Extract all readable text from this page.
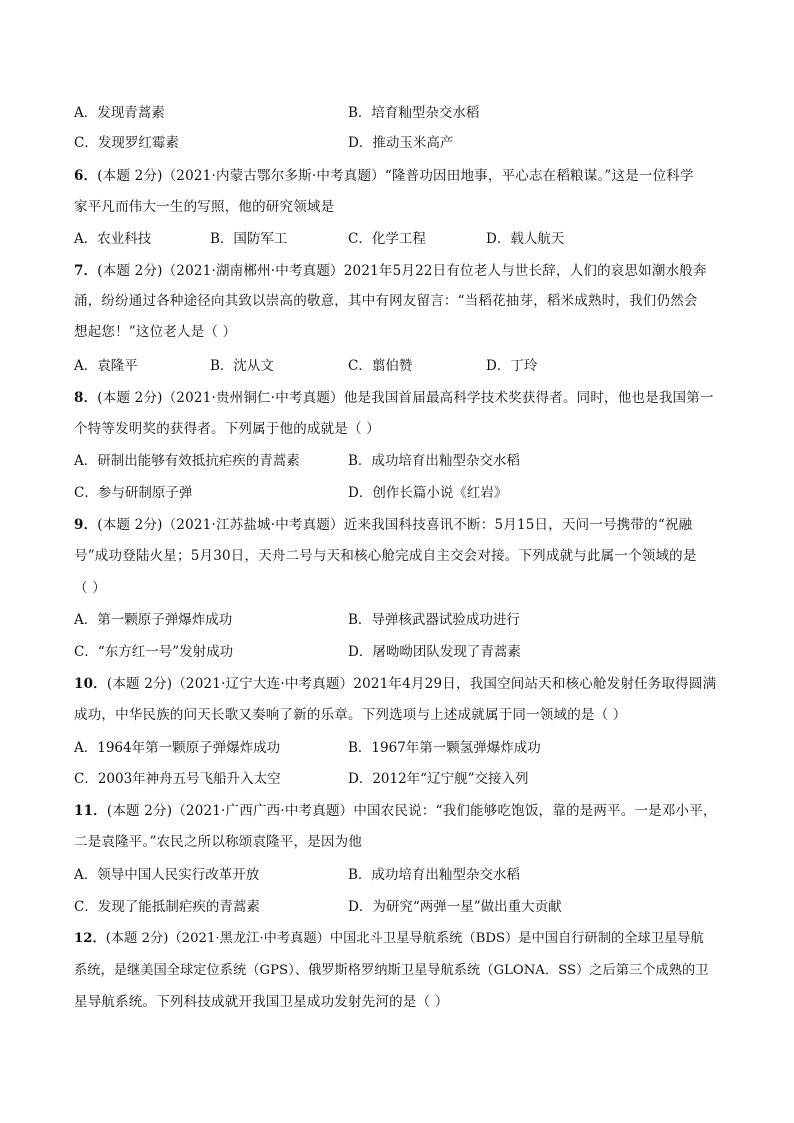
A．发现青蒿素	B．培育籼型杂交水稻
C．发现罗红霉素	D．推动玉米高产
6．(本题 2分)（2021·内蒙古鄂尔多斯·中考真题）“隆普功因田地事，平心志在稻粮谋。”这是一位科学
家平凡而伟大一生的写照，他的研究领域是
A．农业科技	B．国防军工	C．化学工程	D．载人航天
7．(本题 2分)（2021·湖南郴州·中考真题）2021年5月22日有位老人与世长辞，人们的哀思如潮水般奔
涌，纷纷通过各种途径向其致以崇高的敬意，其中有网友留言：“当稻花抽芽，稻米成熟时，我们仍然会
想起您！”这位老人是（ ）
A．袁隆平	B．沈从文	C．翦伯赞	D．丁玲
8．(本题 2分)（2021·贵州铜仁·中考真题）他是我国首届最高科学技术奖获得者。同时，他也是我国第一
个特等发明奖的获得者。下列属于他的成就是（ ）
A．研制出能够有效抵抗疟疾的青蒿素	B．成功培育出籼型杂交水稻
C．参与研制原子弹	D．创作长篇小说《红岩》
9．(本题 2分)（2021·江苏盐城·中考真题）近来我国科技喜讯不断：5月15日，天问一号携带的“祝融
号”成功登陆火星；5月30日，天舟二号与天和核心舱完成自主交会对接。下列成就与此属一个领域的是
（ ）
A．第一颗原子弹爆炸成功	B．导弹核武器试验成功进行
C．“东方红一号”发射成功	D．屠呦呦团队发现了青蒿素
10．(本题 2分)（2021·辽宁大连·中考真题）2021年4月29日，我国空间站天和核心舱发射任务取得圆满
成功，中华民族的问天长歌又奏响了新的乐章。下列选项与上述成就属于同一领域的是（ ）
A．1964年第一颗原子弹爆炸成功	B．1967年第一颗氢弹爆炸成功
C．2003年神舟五号飞船升入太空	D．2012年“辽宁舰”交接入列
11．(本题 2分)（2021·广西广西·中考真题）中国农民说：“我们能够吃饱饭，靠的是两平。一是邓小平，
二是袁隆平。”农民之所以称颂袁隆平，是因为他
A．领导中国人民实行改革开放	B．成功培育出籼型杂交水稻
C．发现了能抵制疟疾的青蒿素	D．为研究“两弹一星”做出重大贡献
12．(本题 2分)（2021·黑龙江·中考真题）中国北斗卫星导航系统（BDS）是中国自行研制的全球卫星导航
系统，是继美国全球定位系统（GPS）、俄罗斯格罗纳斯卫星导航系统（GLONA．SS）之后第三个成熟的卫
星导航系统。下列科技成就开我国卫星成功发射先河的是（ ）
